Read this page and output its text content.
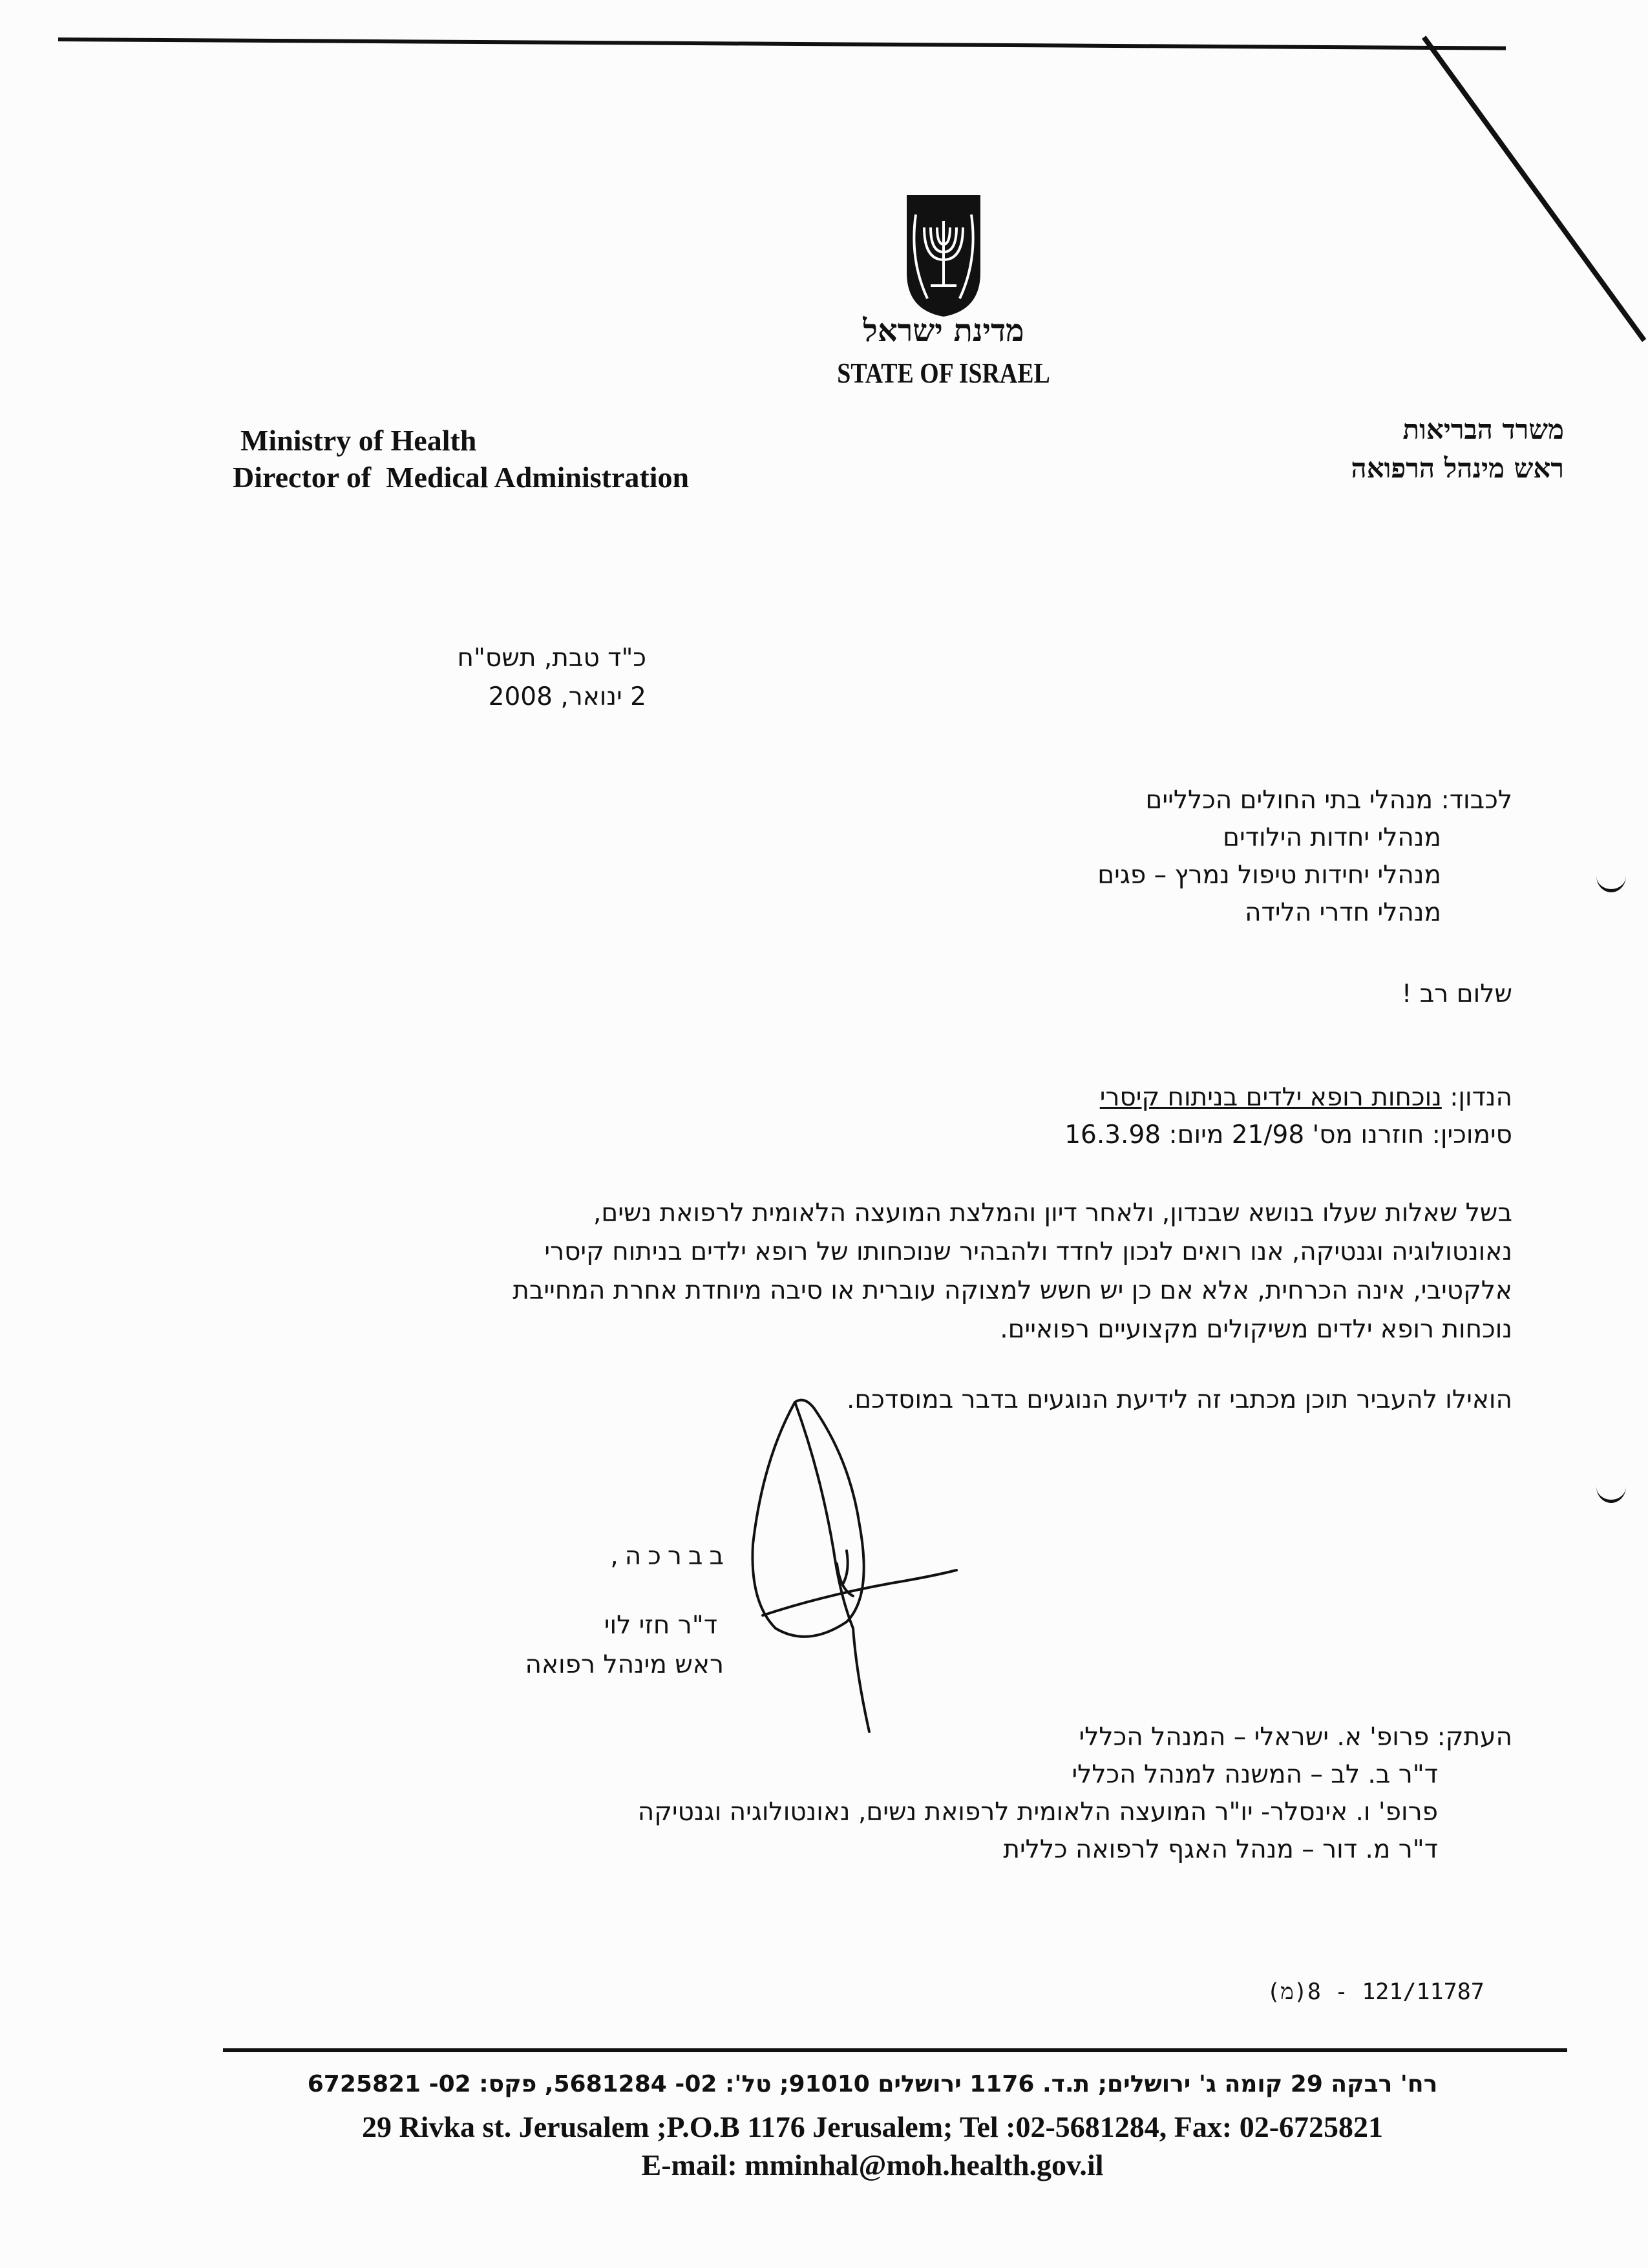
מדינת ישראל
STATE OF ISRAEL
Ministry of Health
Director of  Medical Administration
משרד הבריאות
ראש מינהל הרפואה
כ"ד טבת, תשס"ח
2 ינואר, 2008
לכבוד: מנהלי בתי החולים הכלליים
מנהלי יחדות הילודים
מנהלי יחידות טיפול נמרץ – פגים
מנהלי חדרי הלידה
שלום רב !
הנדון: נוכחות רופא ילדים בניתוח קיסרי
סימוכין: חוזרנו מס' 21/98 מיום: 16.3.98
בשל שאלות שעלו בנושא שבנדון, ולאחר דיון והמלצת המועצה הלאומית לרפואת נשים,
נאונטולוגיה וגנטיקה, אנו רואים לנכון לחדד ולהבהיר שנוכחותו של רופא ילדים בניתוח קיסרי
אלקטיבי, אינה הכרחית, אלא אם כן יש חשש למצוקה עוברית או סיבה מיוחדת אחרת המחייבת
נוכחות רופא ילדים משיקולים מקצועיים רפואיים.
הואילו להעביר תוכן מכתבי זה לידיעת הנוגעים בדבר במוסדכם.
בברכה,
ד"ר חזי לוי
ראש מינהל רפואה
העתק: פרופ' א. ישראלי – המנהל הכללי
ד"ר ב. לב – המשנה למנהל הכללי
פרופ' ו. אינסלר- יו"ר המועצה הלאומית לרפואת נשים, נאונטולוגיה וגנטיקה
ד"ר מ. דור – מנהל האגף לרפואה כללית
(מ)121/11787 - 8
רח' רבקה 29 קומה ג' ירושלים; ת.ד. 1176 ירושלים 91010; טל': 02- 5681284, פקס: 02- 6725821
29 Rivka st. Jerusalem ;P.O.B 1176 Jerusalem; Tel :02-5681284, Fax: 02-6725821
E-mail: mminhal@moh.health.gov.il
